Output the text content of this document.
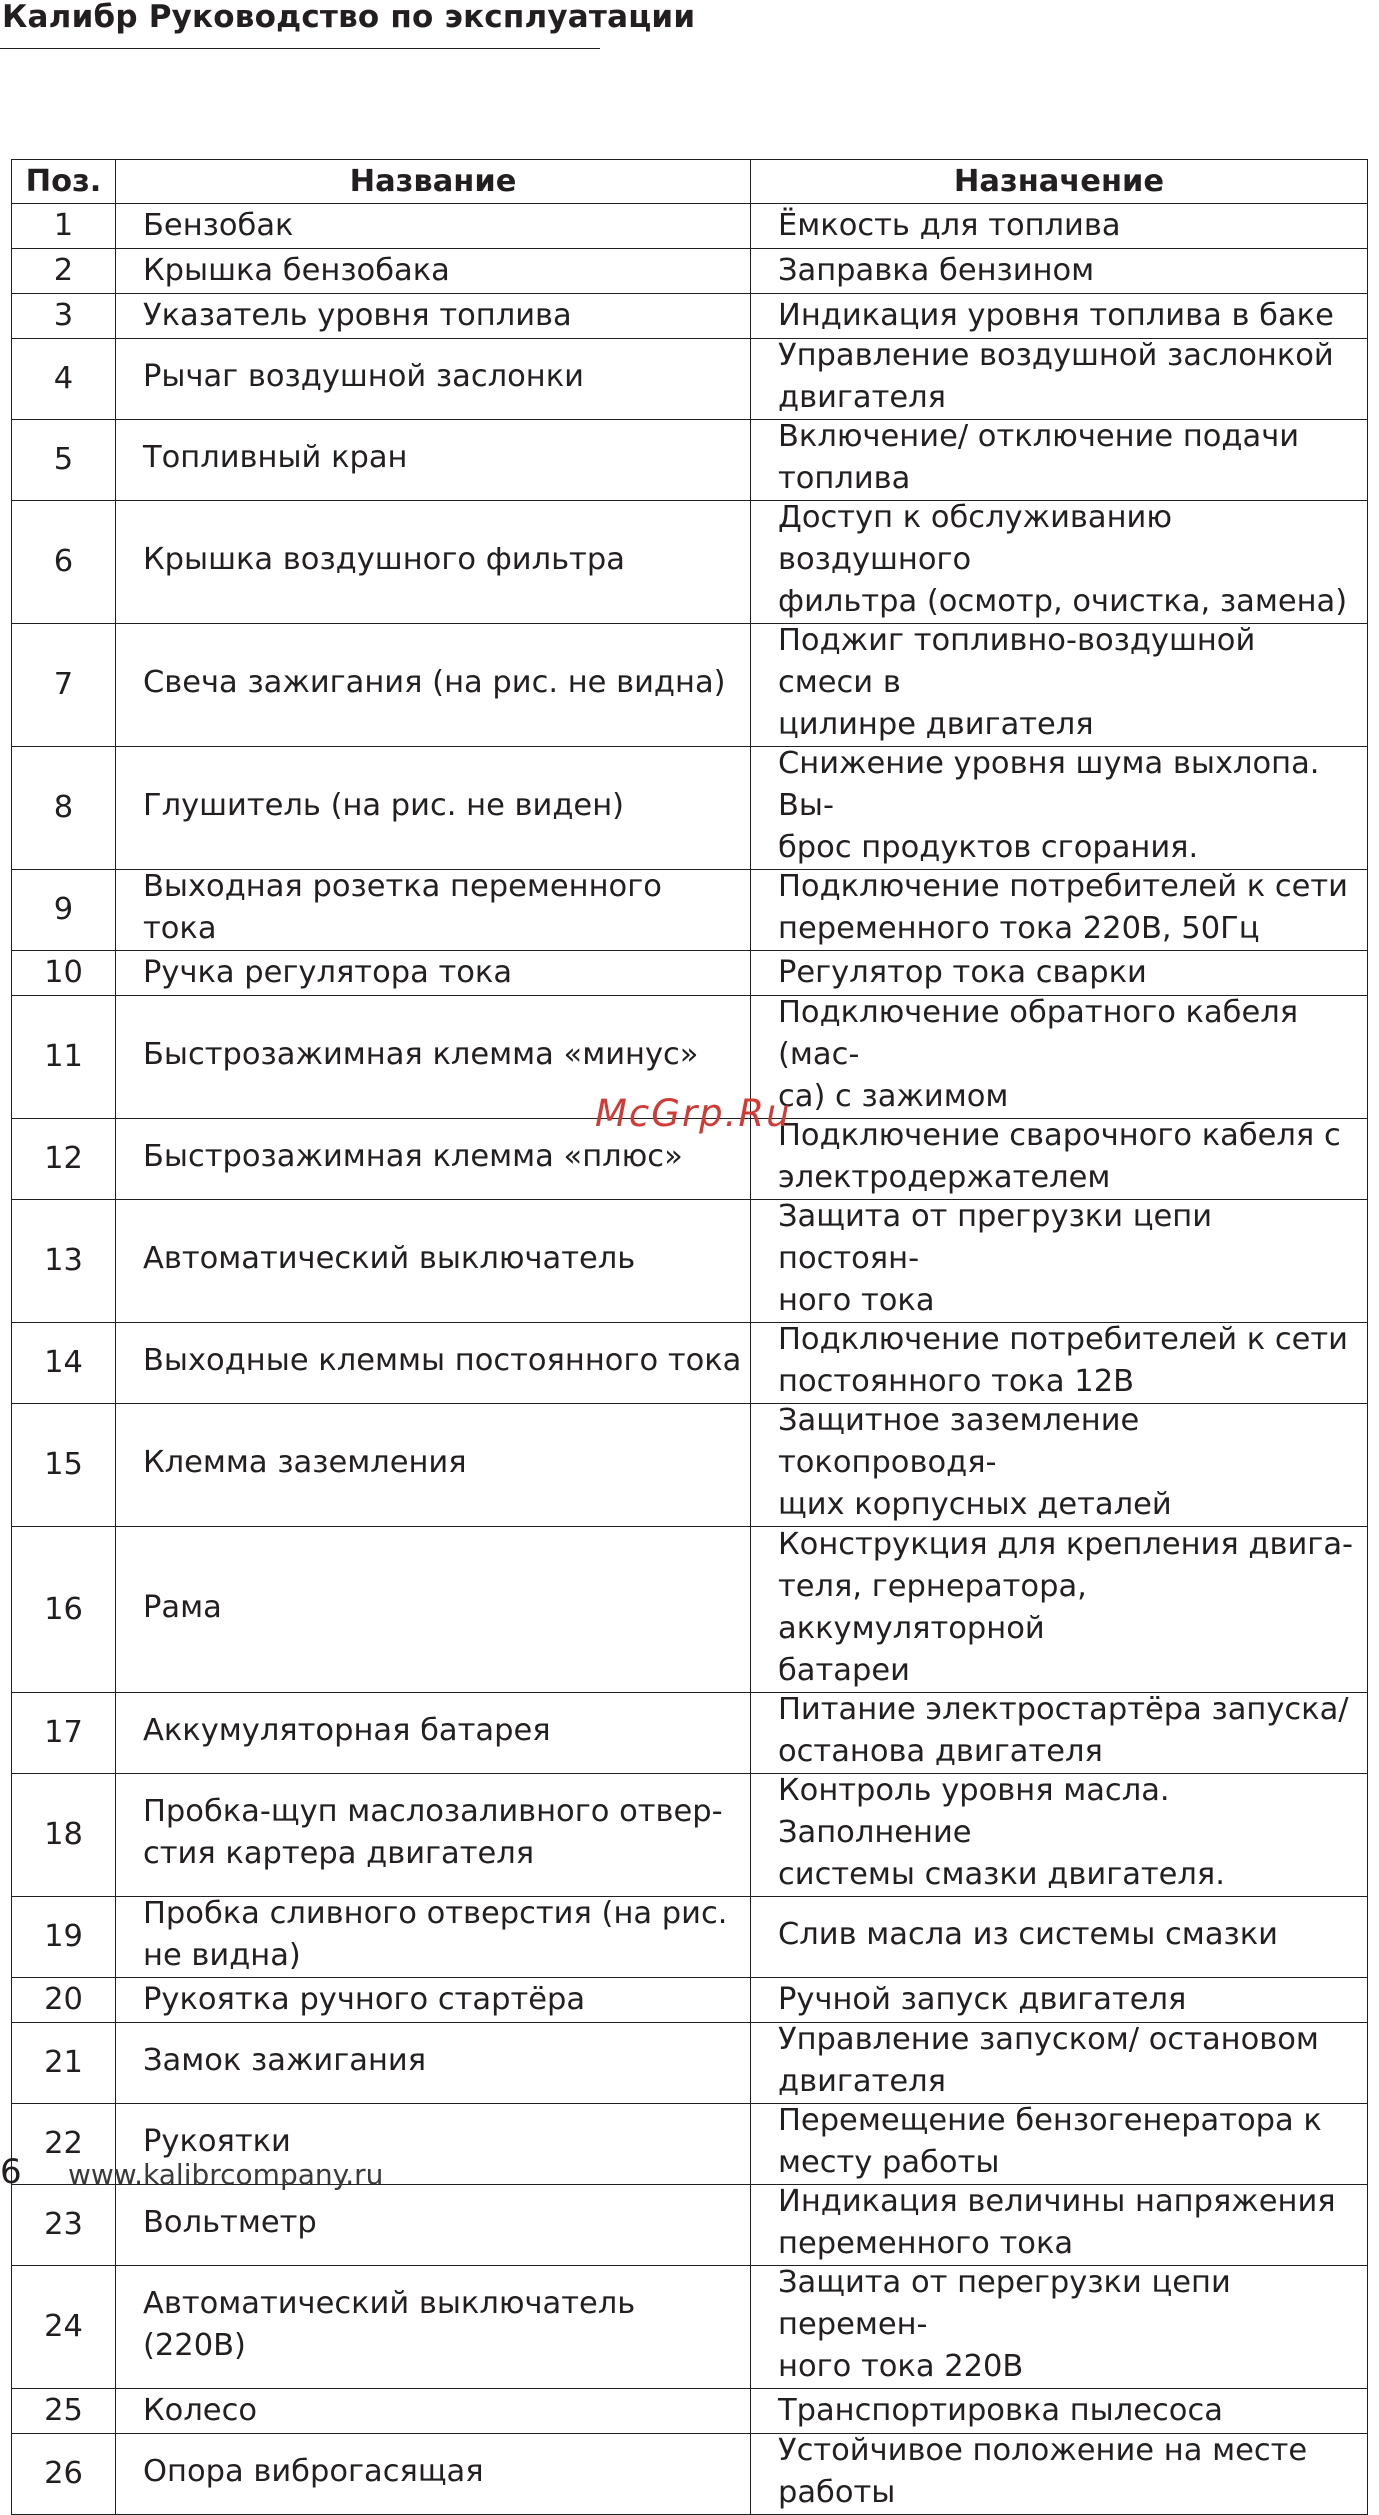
Калибр Руководство по эксплуатации
Поз.	Название	Назначение
1	Бензобак	Ёмкость для топлива

2	Крышка бензобака	Заправка бензином

3	Указатель уровня топлива	Индикация уровня топлива в баке

4	Рычаг воздушной заслонки	Управление воздушной заслонкой
двигателя

5	Топливный кран	Включение/ отключение подачи
топлива

6	Крышка воздушного фильтра	Доступ к обслуживанию воздушного
фильтра (осмотр, очистка, замена)

7	Свеча зажигания (на рис. не видна)	Поджиг топливно-воздушной смеси в
цилинре двигателя

8	Глушитель (на рис. не виден)	Снижение уровня шума выхлопа. Вы-
брос продуктов сгорания.

9	Выходная розетка переменного тока	Подключение потребителей к сети
переменного тока 220В, 50Гц

10	Ручка регулятора тока	Регулятор тока сварки

11	Быстрозажимная клемма «минус»	Подключение обратного кабеля (мас-
са) с зажимом

12	Быстрозажимная клемма «плюс»	Подключение сварочного кабеля с
электродержателем

13	Автоматический выключатель	Защита от прегрузки цепи постоян-
ного тока

14	Выходные клеммы постоянного тока	Подключение потребителей к сети
постоянного тока 12В

15	Клемма заземления	Защитное заземление токопроводя-
щих корпусных деталей

16	Рама	Конструкция для крепления двига-
теля, гернератора, аккумуляторной
батареи

17	Аккумуляторная батарея	Питание электростартёра запуска/
останова двигателя

18	Пробка-щуп маслозаливного отвер-
стия картера двигателя	Контроль уровня масла. Заполнение
системы смазки двигателя.

19	Пробка сливного отверстия (на рис.
не видна)	Слив масла из системы смазки

20	Рукоятка ручного стартёра	Ручной запуск двигателя

21	Замок зажигания	Управление запуском/ остановом
двигателя

22	Рукоятки	Перемещение бензогенератора к
месту работы

23	Вольтметр	Индикация величины напряжения
переменного тока

24	Автоматический выключатель (220В)	Защита от перегрузки цепи перемен-
ного тока 220В

25	Колесо	Транспортировка пылесоса

26	Опора виброгасящая	Устойчивое положение на месте
работы
McGrp.Ru
6 www.kalibrcompany.ru
